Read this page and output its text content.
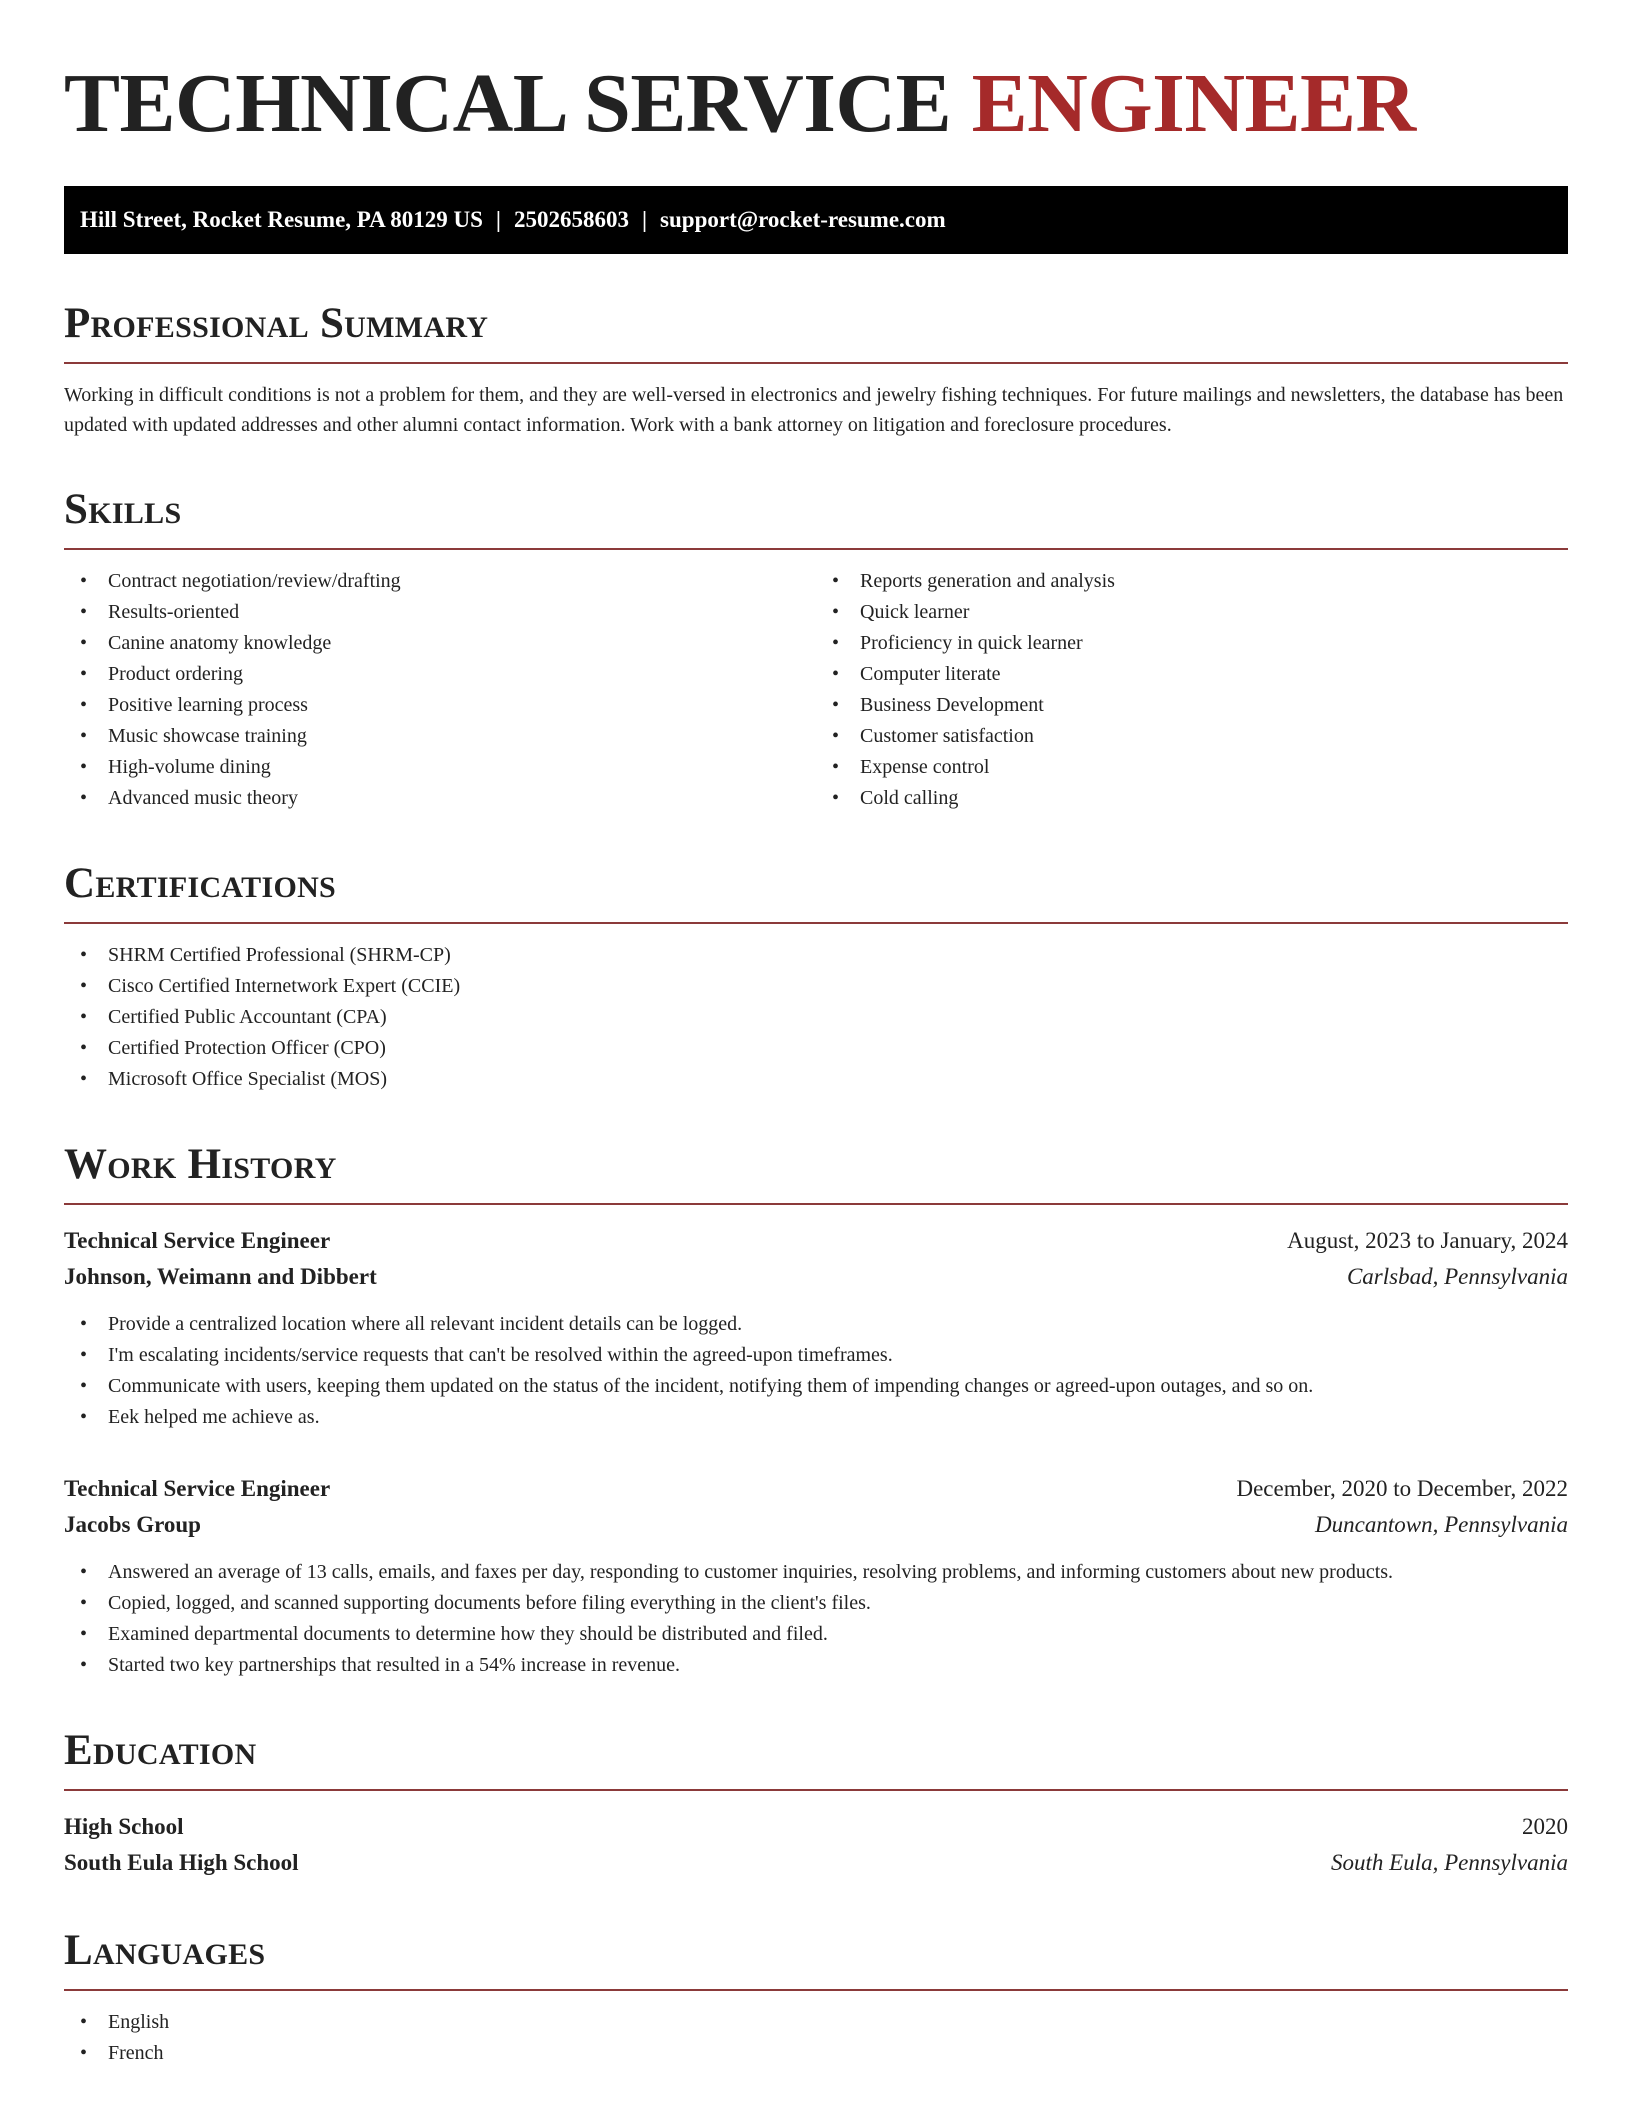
TECHNICAL SERVICE ENGINEER
Hill Street, Rocket Resume, PA 80129 US | 2502658603 | support@rocket-resume.com
Professional Summary

Working in difficult conditions is not a problem for them, and they are well-versed in electronics and jewelry fishing techniques. For future mailings and newsletters, the database has been updated with updated addresses and other alumni contact information. Work with a bank attorney on litigation and foreclosure procedures.

Skills
• Contract negotiation/review/drafting
• Results-oriented
• Canine anatomy knowledge
• Product ordering
• Positive learning process
• Music showcase training
• High-volume dining
• Advanced music theory
• Reports generation and analysis
• Quick learner
• Proficiency in quick learner
• Computer literate
• Business Development
• Customer satisfaction
• Expense control
• Cold calling
Certifications
• SHRM Certified Professional (SHRM-CP)
• Cisco Certified Internetwork Expert (CCIE)
• Certified Public Accountant (CPA)
• Certified Protection Officer (CPO)
• Microsoft Office Specialist (MOS)
Work History
Technical Service Engineer	August, 2023 to January, 2024
Johnson, Weimann and Dibbert	Carlsbad, Pennsylvania
• Provide a centralized location where all relevant incident details can be logged.
• I'm escalating incidents/service requests that can't be resolved within the agreed-upon timeframes.
• Communicate with users, keeping them updated on the status of the incident, notifying them of impending changes or agreed-upon outages, and so on.
• Eek helped me achieve as.
Technical Service Engineer	December, 2020 to December, 2022
Jacobs Group	Duncantown, Pennsylvania
• Answered an average of 13 calls, emails, and faxes per day, responding to customer inquiries, resolving problems, and informing customers about new products.
• Copied, logged, and scanned supporting documents before filing everything in the client's files.
• Examined departmental documents to determine how they should be distributed and filed.
• Started two key partnerships that resulted in a 54% increase in revenue.
Education
High School	2020
South Eula High School	South Eula, Pennsylvania
Languages
• English
• French
